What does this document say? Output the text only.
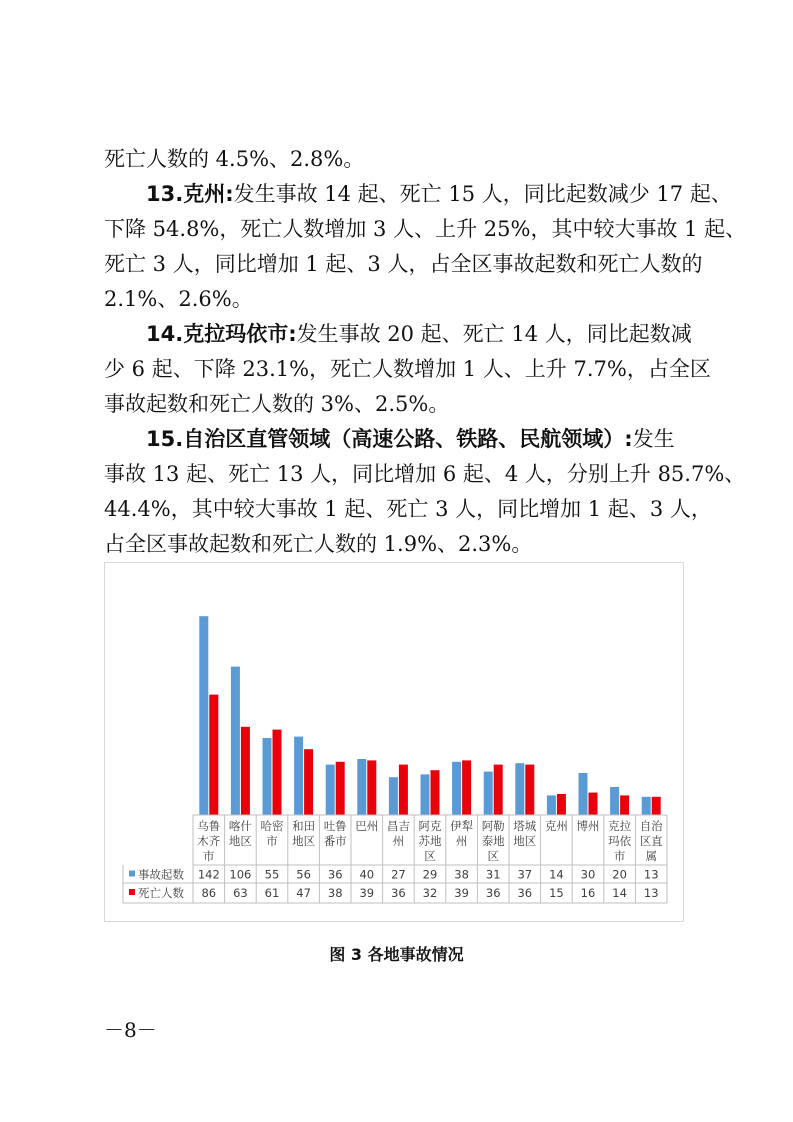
死亡人数的 4.5%、2.8%。

13.克州:发生事故 14 起、死亡 15 人，同比起数减少 17 起、
下降 54.8%，死亡人数增加 3 人、上升 25%，其中较大事故 1 起、
死亡 3 人，同比增加 1 起、3 人，占全区事故起数和死亡人数的
2.1%、2.6%。

14.克拉玛依市:发生事故 20 起、死亡 14 人，同比起数减
少 6 起、下降 23.1%，死亡人数增加 1 人、上升 7.7%，占全区
事故起数和死亡人数的 3%、2.5%。

15.自治区直管领域（高速公路、铁路、民航领域）:发生
事故 13 起、死亡 13 人，同比增加 6 起、4 人，分别上升 85.7%、
44.4%，其中较大事故 1 起、死亡 3 人，同比增加 1 起、3 人，
占全区事故起数和死亡人数的 1.9%、2.3%。

乌鲁木齐市
喀什地区
哈密市
和田地区
吐鲁番市
巴州 昌吉州
阿克苏地区
伊犁州
阿勒泰地区
塔城地区
克州 博州 克拉玛依市
自治区直属
事故起数 142 106 55 56 36 40 27 29 38 31 37 14 30 20 13
死亡人数 86 63 61 47 38 39 36 32 39 36 36 15 16 14 13
图 3 各地事故情况
－8－
